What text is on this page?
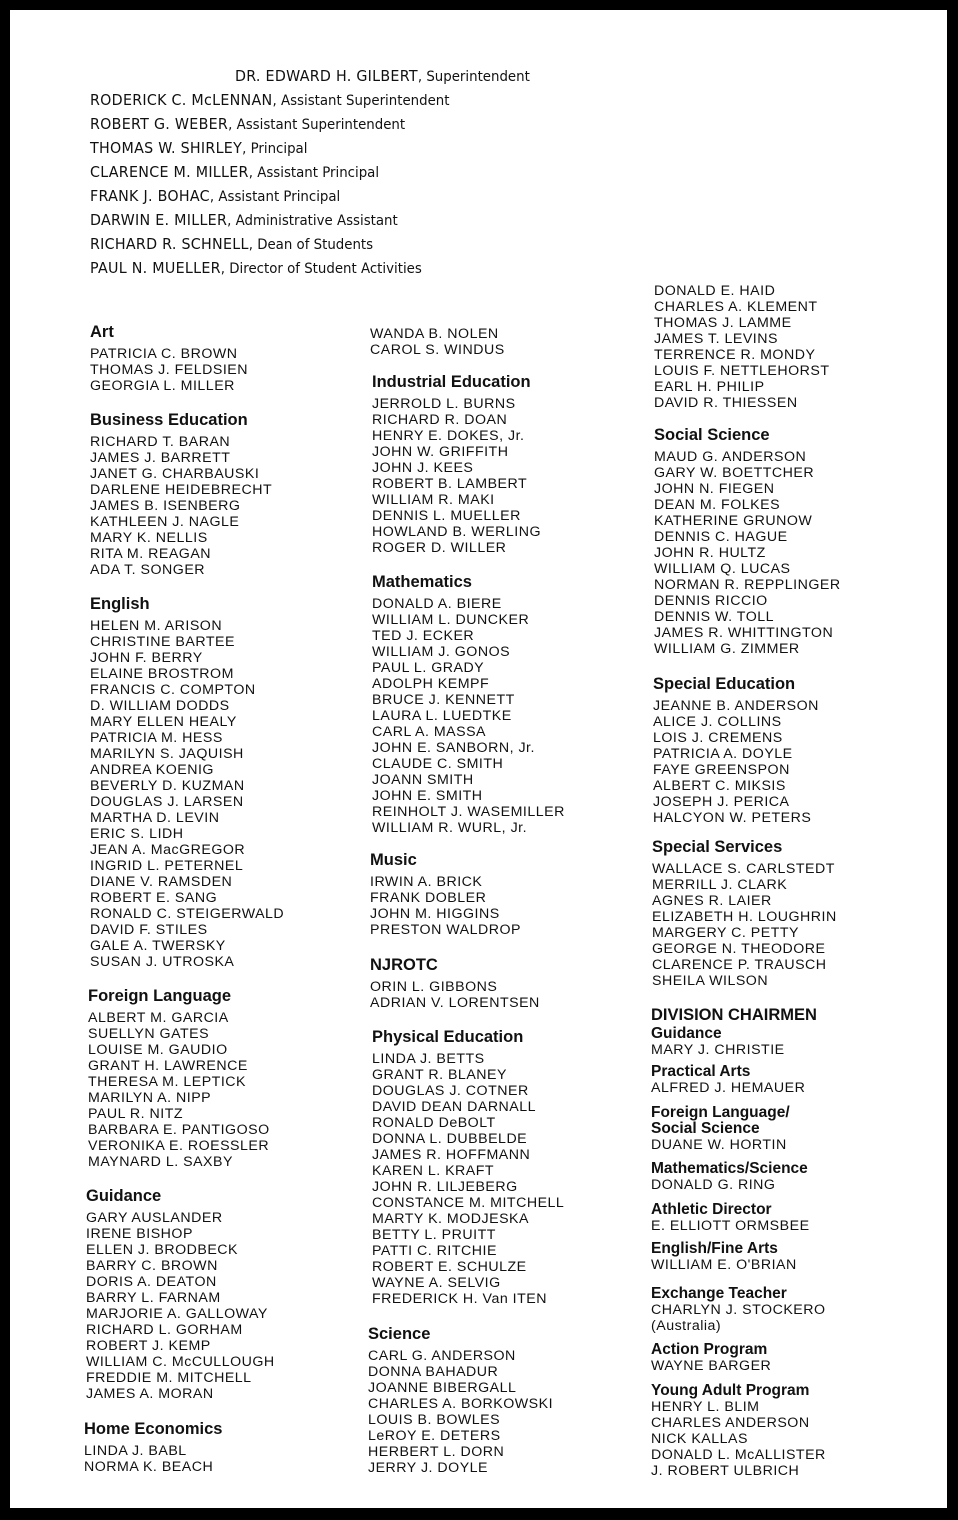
DR. EDWARD H. GILBERT, Superintendent
RODERICK C. McLENNAN, Assistant Superintendent
ROBERT G. WEBER, Assistant Superintendent
THOMAS W. SHIRLEY, Principal
CLARENCE M. MILLER, Assistant Principal
FRANK J. BOHAC, Assistant Principal
DARWIN E. MILLER, Administrative Assistant
RICHARD R. SCHNELL, Dean of Students
PAUL N. MUELLER, Director of Student Activities
Art
PATRICIA C. BROWN
THOMAS J. FELDSIEN
GEORGIA L. MILLER
Business Education
RICHARD T. BARAN
JAMES J. BARRETT
JANET G. CHARBAUSKI
DARLENE HEIDEBRECHT
JAMES B. ISENBERG
KATHLEEN J. NAGLE
MARY K. NELLIS
RITA M. REAGAN
ADA T. SONGER
English
HELEN M. ARISON
CHRISTINE BARTEE
JOHN F. BERRY
ELAINE BROSTROM
FRANCIS C. COMPTON
D. WILLIAM DODDS
MARY ELLEN HEALY
PATRICIA M. HESS
MARILYN S. JAQUISH
ANDREA KOENIG
BEVERLY D. KUZMAN
DOUGLAS J. LARSEN
MARTHA D. LEVIN
ERIC S. LIDH
JEAN A. MacGREGOR
INGRID L. PETERNEL
DIANE V. RAMSDEN
ROBERT E. SANG
RONALD C. STEIGERWALD
DAVID F. STILES
GALE A. TWERSKY
SUSAN J. UTROSKA
Foreign Language
ALBERT M. GARCIA
SUELLYN GATES
LOUISE M. GAUDIO
GRANT H. LAWRENCE
THERESA M. LEPTICK
MARILYN A. NIPP
PAUL R. NITZ
BARBARA E. PANTIGOSO
VERONIKA E. ROESSLER
MAYNARD L. SAXBY
Guidance
GARY AUSLANDER
IRENE BISHOP
ELLEN J. BRODBECK
BARRY C. BROWN
DORIS A. DEATON
BARRY L. FARNAM
MARJORIE A. GALLOWAY
RICHARD L. GORHAM
ROBERT J. KEMP
WILLIAM C. McCULLOUGH
FREDDIE M. MITCHELL
JAMES A. MORAN
Home Economics
LINDA J. BABL
NORMA K. BEACH
WANDA B. NOLEN
CAROL S. WINDUS
Industrial Education
JERROLD L. BURNS
RICHARD R. DOAN
HENRY E. DOKES, Jr.
JOHN W. GRIFFITH
JOHN J. KEES
ROBERT B. LAMBERT
WILLIAM R. MAKI
DENNIS L. MUELLER
HOWLAND B. WERLING
ROGER D. WILLER
Mathematics
DONALD A. BIERE
WILLIAM L. DUNCKER
TED J. ECKER
WILLIAM J. GONOS
PAUL L. GRADY
ADOLPH KEMPF
BRUCE J. KENNETT
LAURA L. LUEDTKE
CARL A. MASSA
JOHN E. SANBORN, Jr.
CLAUDE C. SMITH
JOANN SMITH
JOHN E. SMITH
REINHOLT J. WASEMILLER
WILLIAM R. WURL, Jr.
Music
IRWIN A. BRICK
FRANK DOBLER
JOHN M. HIGGINS
PRESTON WALDROP
NJROTC
ORIN L. GIBBONS
ADRIAN V. LORENTSEN
Physical Education
LINDA J. BETTS
GRANT R. BLANEY
DOUGLAS J. COTNER
DAVID DEAN DARNALL
RONALD DeBOLT
DONNA L. DUBBELDE
JAMES R. HOFFMANN
KAREN L. KRAFT
JOHN R. LILJEBERG
CONSTANCE M. MITCHELL
MARTY K. MODJESKA
BETTY L. PRUITT
PATTI C. RITCHIE
ROBERT E. SCHULZE
WAYNE A. SELVIG
FREDERICK H. Van ITEN
Science
CARL G. ANDERSON
DONNA BAHADUR
JOANNE BIBERGALL
CHARLES A. BORKOWSKI
LOUIS B. BOWLES
LeROY E. DETERS
HERBERT L. DORN
JERRY J. DOYLE
DONALD E. HAID
CHARLES A. KLEMENT
THOMAS J. LAMME
JAMES T. LEVINS
TERRENCE R. MONDY
LOUIS F. NETTLEHORST
EARL H. PHILIP
DAVID R. THIESSEN
Social Science
MAUD G. ANDERSON
GARY W. BOETTCHER
JOHN N. FIEGEN
DEAN M. FOLKES
KATHERINE GRUNOW
DENNIS C. HAGUE
JOHN R. HULTZ
WILLIAM Q. LUCAS
NORMAN R. REPPLINGER
DENNIS RICCIO
DENNIS W. TOLL
JAMES R. WHITTINGTON
WILLIAM G. ZIMMER
Special Education
JEANNE B. ANDERSON
ALICE J. COLLINS
LOIS J. CREMENS
PATRICIA A. DOYLE
FAYE GREENSPON
ALBERT C. MIKSIS
JOSEPH J. PERICA
HALCYON W. PETERS
Special Services
WALLACE S. CARLSTEDT
MERRILL J. CLARK
AGNES R. LAIER
ELIZABETH H. LOUGHRIN
MARGERY C. PETTY
GEORGE N. THEODORE
CLARENCE P. TRAUSCH
SHEILA WILSON
DIVISION CHAIRMEN
Guidance
MARY J. CHRISTIE
Practical Arts
ALFRED J. HEMAUER
Foreign Language/
Social Science
DUANE W. HORTIN
Mathematics/Science
DONALD G. RING
Athletic Director
E. ELLIOTT ORMSBEE
English/Fine Arts
WILLIAM E. O'BRIAN
Exchange Teacher
CHARLYN J. STOCKERO
(Australia)
Action Program
WAYNE BARGER
Young Adult Program
HENRY L. BLIM
CHARLES ANDERSON
NICK KALLAS
DONALD L. McALLISTER
J. ROBERT ULBRICH
